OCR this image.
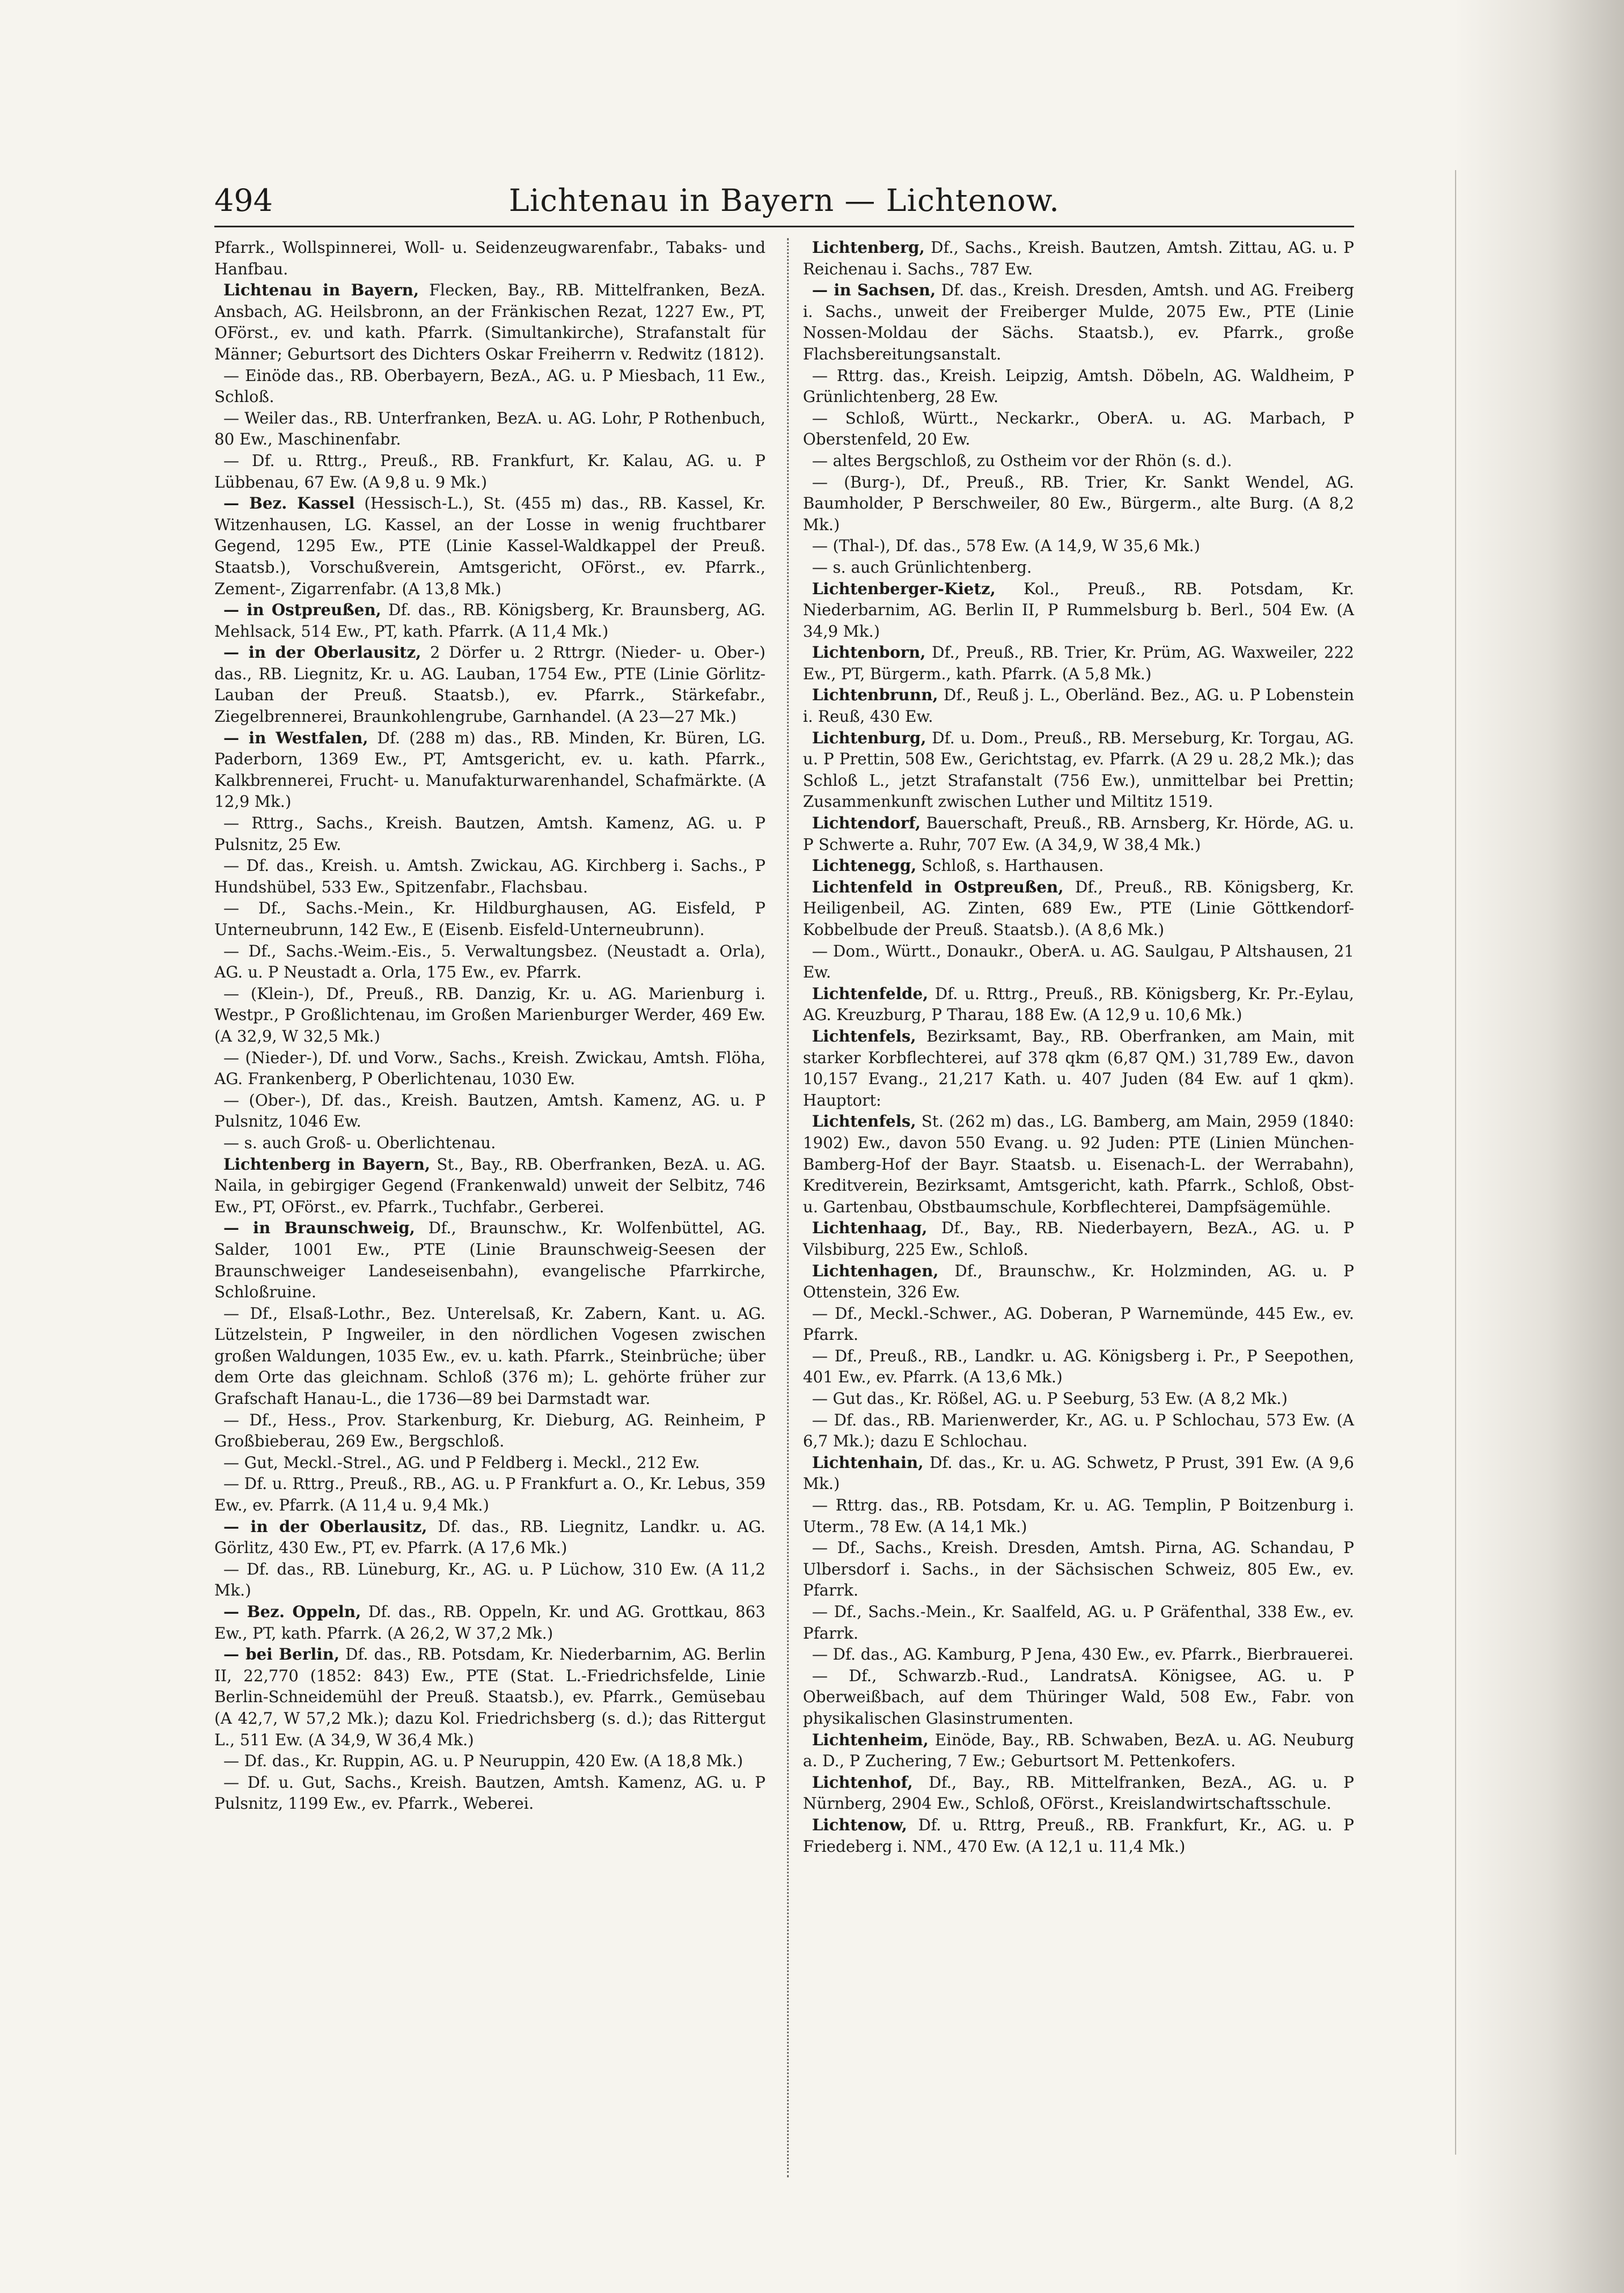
494	Lichtenau in Bayern — Lichtenow.

Pfarrk., Wollspinnerei, Woll- u. Seidenzeugwarenfabr., Tabaks- und Hanfbau.

Lichtenau in Bayern, Flecken, Bay., RB. Mittelfranken, BezA. Ansbach, AG. Heilsbronn, an der Fränkischen Rezat, 1227 Ew., PT, OFörst., ev. und kath. Pfarrk. (Simultankirche), Strafanstalt für Männer; Geburtsort des Dichters Oskar Freiherrn v. Redwitz (1812).

— Einöde das., RB. Oberbayern, BezA., AG. u. P Miesbach, 11 Ew., Schloß.

— Weiler das., RB. Unterfranken, BezA. u. AG. Lohr, P Rothenbuch, 80 Ew., Maschinenfabr.

— Df. u. Rttrg., Preuß., RB. Frankfurt, Kr. Kalau, AG. u. P Lübbenau, 67 Ew. (A 9,8 u. 9 Mk.)

— Bez. Kassel (Hessisch-L.), St. (455 m) das., RB. Kassel, Kr. Witzenhausen, LG. Kassel, an der Losse in wenig fruchtbarer Gegend, 1295 Ew., PTE (Linie Kassel-Waldkappel der Preuß. Staatsb.), Vorschußverein, Amtsgericht, OFörst., ev. Pfarrk., Zement-, Zigarrenfabr. (A 13,8 Mk.)

— in Ostpreußen, Df. das., RB. Königsberg, Kr. Braunsberg, AG. Mehlsack, 514 Ew., PT, kath. Pfarrk. (A 11,4 Mk.)

— in der Oberlausitz, 2 Dörfer u. 2 Rttrgr. (Nieder- u. Ober-) das., RB. Liegnitz, Kr. u. AG. Lauban, 1754 Ew., PTE (Linie Görlitz-Lauban der Preuß. Staatsb.), ev. Pfarrk., Stärkefabr., Ziegelbrennerei, Braunkohlengrube, Garnhandel. (A 23—27 Mk.)

— in Westfalen, Df. (288 m) das., RB. Minden, Kr. Büren, LG. Paderborn, 1369 Ew., PT, Amtsgericht, ev. u. kath. Pfarrk., Kalkbrennerei, Frucht- u. Manufakturwarenhandel, Schafmärkte. (A 12,9 Mk.)

— Rttrg., Sachs., Kreish. Bautzen, Amtsh. Kamenz, AG. u. P Pulsnitz, 25 Ew.

— Df. das., Kreish. u. Amtsh. Zwickau, AG. Kirchberg i. Sachs., P Hundshübel, 533 Ew., Spitzenfabr., Flachsbau.

— Df., Sachs.-Mein., Kr. Hildburghausen, AG. Eisfeld, P Unterneubrunn, 142 Ew., E (Eisenb. Eisfeld-Unterneubrunn).

— Df., Sachs.-Weim.-Eis., 5. Verwaltungsbez. (Neustadt a. Orla), AG. u. P Neustadt a. Orla, 175 Ew., ev. Pfarrk.

— (Klein-), Df., Preuß., RB. Danzig, Kr. u. AG. Marienburg i. Westpr., P Großlichtenau, im Großen Marienburger Werder, 469 Ew. (A 32,9, W 32,5 Mk.)

— (Nieder-), Df. und Vorw., Sachs., Kreish. Zwickau, Amtsh. Flöha, AG. Frankenberg, P Oberlichtenau, 1030 Ew.

— (Ober-), Df. das., Kreish. Bautzen, Amtsh. Kamenz, AG. u. P Pulsnitz, 1046 Ew.

— s. auch Groß- u. Oberlichtenau.

Lichtenberg in Bayern, St., Bay., RB. Oberfranken, BezA. u. AG. Naila, in gebirgiger Gegend (Frankenwald) unweit der Selbitz, 746 Ew., PT, OFörst., ev. Pfarrk., Tuchfabr., Gerberei.

— in Braunschweig, Df., Braunschw., Kr. Wolfenbüttel, AG. Salder, 1001 Ew., PTE (Linie Braunschweig-Seesen der Braunschweiger Landeseisenbahn), evangelische Pfarrkirche, Schloßruine.

— Df., Elsaß-Lothr., Bez. Unterelsaß, Kr. Zabern, Kant. u. AG. Lützelstein, P Ingweiler, in den nördlichen Vogesen zwischen großen Waldungen, 1035 Ew., ev. u. kath. Pfarrk., Steinbrüche; über dem Orte das gleichnam. Schloß (376 m); L. gehörte früher zur Grafschaft Hanau-L., die 1736—89 bei Darmstadt war.

— Df., Hess., Prov. Starkenburg, Kr. Dieburg, AG. Reinheim, P Großbieberau, 269 Ew., Bergschloß.

— Gut, Meckl.-Strel., AG. und P Feldberg i. Meckl., 212 Ew.

— Df. u. Rttrg., Preuß., RB., AG. u. P Frankfurt a. O., Kr. Lebus, 359 Ew., ev. Pfarrk. (A 11,4 u. 9,4 Mk.)

— in der Oberlausitz, Df. das., RB. Liegnitz, Landkr. u. AG. Görlitz, 430 Ew., PT, ev. Pfarrk. (A 17,6 Mk.)

— Df. das., RB. Lüneburg, Kr., AG. u. P Lüchow, 310 Ew. (A 11,2 Mk.)

— Bez. Oppeln, Df. das., RB. Oppeln, Kr. und AG. Grottkau, 863 Ew., PT, kath. Pfarrk. (A 26,2, W 37,2 Mk.)

— bei Berlin, Df. das., RB. Potsdam, Kr. Niederbarnim, AG. Berlin II, 22,770 (1852: 843) Ew., PTE (Stat. L.-Friedrichsfelde, Linie Berlin-Schneidemühl der Preuß. Staatsb.), ev. Pfarrk., Gemüsebau (A 42,7, W 57,2 Mk.); dazu Kol. Friedrichsberg (s. d.); das Rittergut L., 511 Ew. (A 34,9, W 36,4 Mk.)

— Df. das., Kr. Ruppin, AG. u. P Neuruppin, 420 Ew. (A 18,8 Mk.)

— Df. u. Gut, Sachs., Kreish. Bautzen, Amtsh. Kamenz, AG. u. P Pulsnitz, 1199 Ew., ev. Pfarrk., Weberei.

Lichtenberg, Df., Sachs., Kreish. Bautzen, Amtsh. Zittau, AG. u. P Reichenau i. Sachs., 787 Ew.

— in Sachsen, Df. das., Kreish. Dresden, Amtsh. und AG. Freiberg i. Sachs., unweit der Freiberger Mulde, 2075 Ew., PTE (Linie Nossen-Moldau der Sächs. Staatsb.), ev. Pfarrk., große Flachsbereitungsanstalt.

— Rttrg. das., Kreish. Leipzig, Amtsh. Döbeln, AG. Waldheim, P Grünlichtenberg, 28 Ew.

— Schloß, Württ., Neckarkr., OberA. u. AG. Marbach, P Oberstenfeld, 20 Ew.

— altes Bergschloß, zu Ostheim vor der Rhön (s. d.).

— (Burg-), Df., Preuß., RB. Trier, Kr. Sankt Wendel, AG. Baumholder, P Berschweiler, 80 Ew., Bürgerm., alte Burg. (A 8,2 Mk.)

— (Thal-), Df. das., 578 Ew. (A 14,9, W 35,6 Mk.)

— s. auch Grünlichtenberg.

Lichtenberger-Kietz, Kol., Preuß., RB. Potsdam, Kr. Niederbarnim, AG. Berlin II, P Rummelsburg b. Berl., 504 Ew. (A 34,9 Mk.)

Lichtenborn, Df., Preuß., RB. Trier, Kr. Prüm, AG. Waxweiler, 222 Ew., PT, Bürgerm., kath. Pfarrk. (A 5,8 Mk.)

Lichtenbrunn, Df., Reuß j. L., Oberländ. Bez., AG. u. P Lobenstein i. Reuß, 430 Ew.

Lichtenburg, Df. u. Dom., Preuß., RB. Merseburg, Kr. Torgau, AG. u. P Prettin, 508 Ew., Gerichtstag, ev. Pfarrk. (A 29 u. 28,2 Mk.); das Schloß L., jetzt Strafanstalt (756 Ew.), unmittelbar bei Prettin; Zusammenkunft zwischen Luther und Miltitz 1519.

Lichtendorf, Bauerschaft, Preuß., RB. Arnsberg, Kr. Hörde, AG. u. P Schwerte a. Ruhr, 707 Ew. (A 34,9, W 38,4 Mk.)

Lichtenegg, Schloß, s. Harthausen.

Lichtenfeld in Ostpreußen, Df., Preuß., RB. Königsberg, Kr. Heiligenbeil, AG. Zinten, 689 Ew., PTE (Linie Göttkendorf-Kobbelbude der Preuß. Staatsb.). (A 8,6 Mk.)

— Dom., Württ., Donaukr., OberA. u. AG. Saulgau, P Altshausen, 21 Ew.

Lichtenfelde, Df. u. Rttrg., Preuß., RB. Königsberg, Kr. Pr.-Eylau, AG. Kreuzburg, P Tharau, 188 Ew. (A 12,9 u. 10,6 Mk.)

Lichtenfels, Bezirksamt, Bay., RB. Oberfranken, am Main, mit starker Korbflechterei, auf 378 qkm (6,87 QM.) 31,789 Ew., davon 10,157 Evang., 21,217 Kath. u. 407 Juden (84 Ew. auf 1 qkm). Hauptort:

Lichtenfels, St. (262 m) das., LG. Bamberg, am Main, 2959 (1840: 1902) Ew., davon 550 Evang. u. 92 Juden: PTE (Linien München-Bamberg-Hof der Bayr. Staatsb. u. Eisenach-L. der Werrabahn), Kreditverein, Bezirksamt, Amtsgericht, kath. Pfarrk., Schloß, Obst- u. Gartenbau, Obstbaumschule, Korbflechterei, Dampfsägemühle.

Lichtenhaag, Df., Bay., RB. Niederbayern, BezA., AG. u. P Vilsbiburg, 225 Ew., Schloß.

Lichtenhagen, Df., Braunschw., Kr. Holzminden, AG. u. P Ottenstein, 326 Ew.

— Df., Meckl.-Schwer., AG. Doberan, P Warnemünde, 445 Ew., ev. Pfarrk.

— Df., Preuß., RB., Landkr. u. AG. Königsberg i. Pr., P Seepothen, 401 Ew., ev. Pfarrk. (A 13,6 Mk.)

— Gut das., Kr. Rößel, AG. u. P Seeburg, 53 Ew. (A 8,2 Mk.)

— Df. das., RB. Marienwerder, Kr., AG. u. P Schlochau, 573 Ew. (A 6,7 Mk.); dazu E Schlochau.

Lichtenhain, Df. das., Kr. u. AG. Schwetz, P Prust, 391 Ew. (A 9,6 Mk.)

— Rttrg. das., RB. Potsdam, Kr. u. AG. Templin, P Boitzenburg i. Uterm., 78 Ew. (A 14,1 Mk.)

— Df., Sachs., Kreish. Dresden, Amtsh. Pirna, AG. Schandau, P Ulbersdorf i. Sachs., in der Sächsischen Schweiz, 805 Ew., ev. Pfarrk.

— Df., Sachs.-Mein., Kr. Saalfeld, AG. u. P Gräfenthal, 338 Ew., ev. Pfarrk.

— Df. das., AG. Kamburg, P Jena, 430 Ew., ev. Pfarrk., Bierbrauerei.

— Df., Schwarzb.-Rud., LandratsA. Königsee, AG. u. P Oberweißbach, auf dem Thüringer Wald, 508 Ew., Fabr. von physikalischen Glasinstrumenten.

Lichtenheim, Einöde, Bay., RB. Schwaben, BezA. u. AG. Neuburg a. D., P Zuchering, 7 Ew.; Geburtsort M. Pettenkofers.

Lichtenhof, Df., Bay., RB. Mittelfranken, BezA., AG. u. P Nürnberg, 2904 Ew., Schloß, OFörst., Kreislandwirtschaftsschule.

Lichtenow, Df. u. Rttrg, Preuß., RB. Frankfurt, Kr., AG. u. P Friedeberg i. NM., 470 Ew. (A 12,1 u. 11,4 Mk.)
